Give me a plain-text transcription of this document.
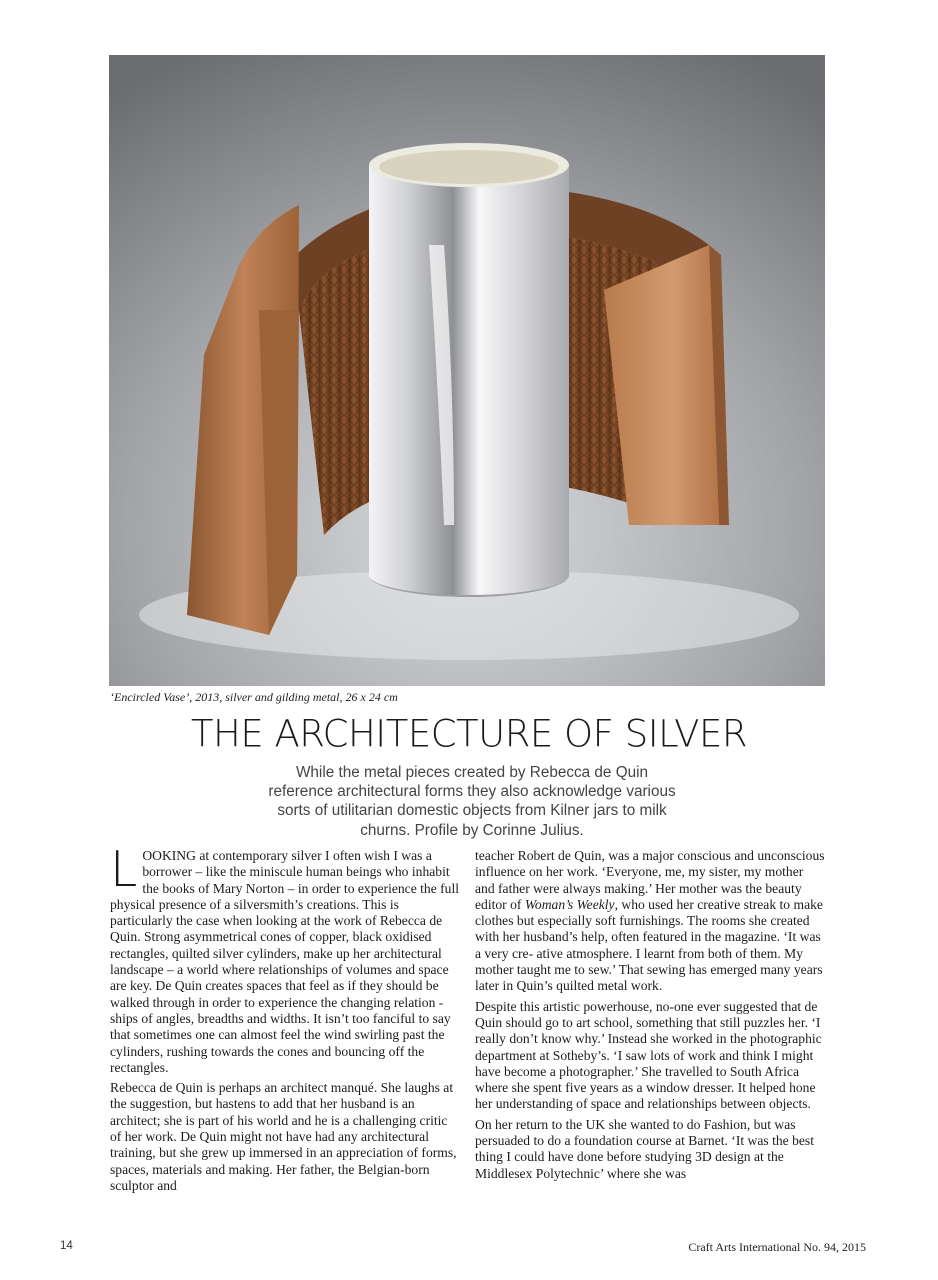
‘Encircled Vase’, 2013, silver and gilding metal, 26 x 24 cm
THE ARCHITECTURE OF SILVER
While the metal pieces created by Rebecca de Quin reference architectural forms they also acknowledge various sorts of utilitarian domestic objects from Kilner jars to milk churns. Profile by Corinne Julius.

LOOKING at contemporary silver I often wish I was a borrower – like the miniscule human beings who inhabit the books of Mary Norton – in order to experience the full physical presence of a silversmith’s creations. This is particularly the case when looking at the work of Rebecca de Quin. Strong asymmetrical cones of copper, black oxidised rectangles, quilted silver cylinders, make up her architectural landscape – a world where relationships of volumes and space are key. De Quin creates spaces that feel as if they should be walked through in order to experience the changing relation - ships of angles, breadths and widths. It isn’t too fanciful to say that sometimes one can almost feel the wind swirling past the cylinders, rushing towards the cones and bouncing off the rectangles.

Rebecca de Quin is perhaps an architect manqué. She laughs at the suggestion, but hastens to add that her husband is an architect; she is part of his world and he is a challenging critic of her work. De Quin might not have had any architectural training, but she grew up immersed in an appreciation of forms, spaces, materials and making. Her father, the Belgian-born sculptor and

teacher Robert de Quin, was a major conscious and unconscious influence on her work. ‘Everyone, me, my sister, my mother and father were always making.’ Her mother was the beauty editor of Woman’s Weekly, who used her creative streak to make clothes but especially soft furnishings. The rooms she created with her husband’s help, often featured in the magazine. ‘It was a very cre- ative atmosphere. I learnt from both of them. My mother taught me to sew.’ That sewing has emerged many years later in Quin’s quilted metal work.

Despite this artistic powerhouse, no-one ever suggested that de Quin should go to art school, something that still puzzles her. ‘I really don’t know why.’ Instead she worked in the photographic department at Sotheby’s. ‘I saw lots of work and think I might have become a photographer.’ She travelled to South Africa where she spent five years as a window dresser. It helped hone her understanding of space and relationships between objects.

On her return to the UK she wanted to do Fashion, but was persuaded to do a foundation course at Barnet. ‘It was the best thing I could have done before studying 3D design at the Middlesex Polytechnic’ where she was

14	Craft Arts International No. 94, 2015
